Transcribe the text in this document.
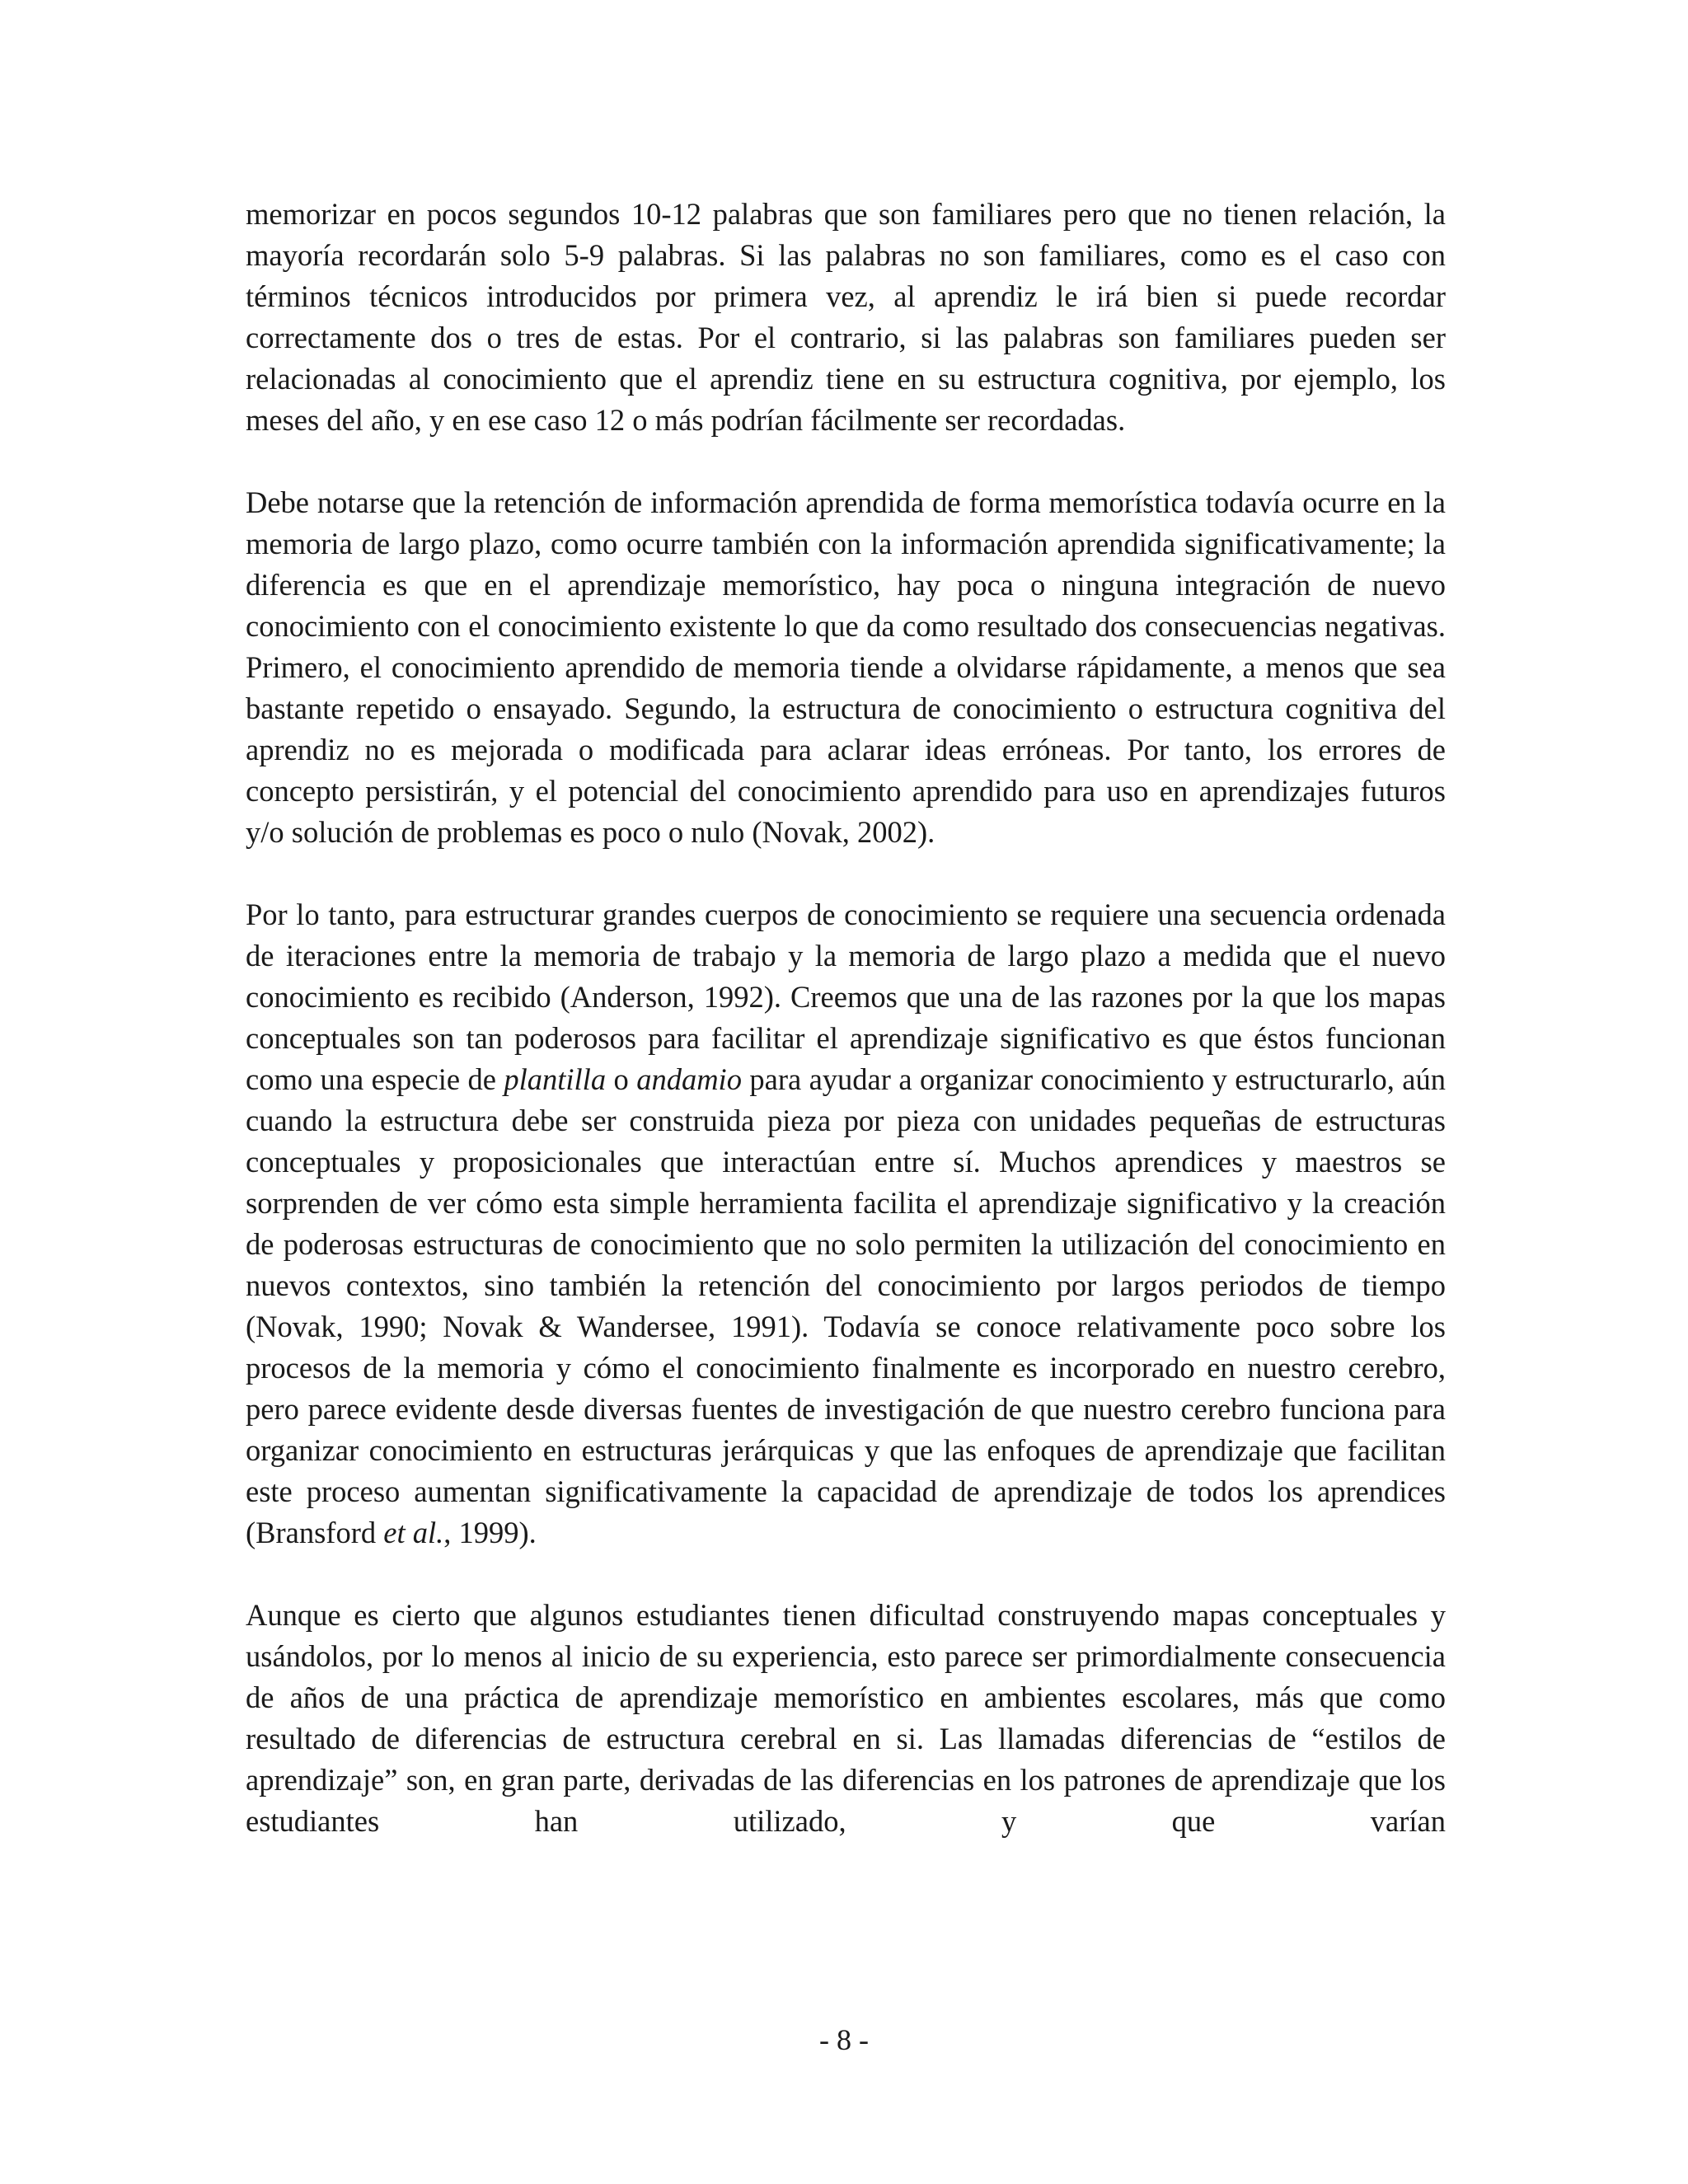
memorizar en pocos segundos 10-12 palabras que son familiares pero que no tienen relación, la mayoría recordarán solo 5-9 palabras. Si las palabras no son familiares, como es el caso con términos técnicos introducidos por primera vez, al aprendiz le irá bien si puede recordar correctamente dos o tres de estas. Por el contrario, si las palabras son familiares pueden ser relacionadas al conocimiento que el aprendiz tiene en su estructura cognitiva, por ejemplo, los meses del año, y en ese caso 12 o más podrían fácilmente ser recordadas.

Debe notarse que la retención de información aprendida de forma memorística todavía ocurre en la memoria de largo plazo, como ocurre también con la información aprendida significativamente; la diferencia es que en el aprendizaje memorístico, hay poca o ninguna integración de nuevo conocimiento con el conocimiento existente lo que da como resultado dos consecuencias negativas. Primero, el conocimiento aprendido de memoria tiende a olvidarse rápidamente, a menos que sea bastante repetido o ensayado. Segundo, la estructura de conocimiento o estructura cognitiva del aprendiz no es mejorada o modificada para aclarar ideas erróneas. Por tanto, los errores de concepto persistirán, y el potencial del conocimiento aprendido para uso en aprendizajes futuros y/o solución de problemas es poco o nulo (Novak, 2002).

Por lo tanto, para estructurar grandes cuerpos de conocimiento se requiere una secuencia ordenada de iteraciones entre la memoria de trabajo y la memoria de largo plazo a medida que el nuevo conocimiento es recibido (Anderson, 1992). Creemos que una de las razones por la que los mapas conceptuales son tan poderosos para facilitar el aprendizaje significativo es que éstos funcionan como una especie de plantilla o andamio para ayudar a organizar conocimiento y estructurarlo, aún cuando la estructura debe ser construida pieza por pieza con unidades pequeñas de estructuras conceptuales y proposicionales que interactúan entre sí. Muchos aprendices y maestros se sorprenden de ver cómo esta simple herramienta facilita el aprendizaje significativo y la creación de poderosas estructuras de conocimiento que no solo permiten la utilización del conocimiento en nuevos contextos, sino también la retención del conocimiento por largos periodos de tiempo (Novak, 1990; Novak & Wandersee, 1991). Todavía se conoce relativamente poco sobre los procesos de la memoria y cómo el conocimiento finalmente es incorporado en nuestro cerebro, pero parece evidente desde diversas fuentes de investigación de que nuestro cerebro funciona para organizar conocimiento en estructuras jerárquicas y que las enfoques de aprendizaje que facilitan este proceso aumentan significativamente la capacidad de aprendizaje de todos los aprendices (Bransford et al., 1999).

Aunque es cierto que algunos estudiantes tienen dificultad construyendo mapas conceptuales y usándolos, por lo menos al inicio de su experiencia, esto parece ser primordialmente consecuencia de años de una práctica de aprendizaje memorístico en ambientes escolares, más que como resultado de diferencias de estructura cerebral en si. Las llamadas diferencias de “estilos de aprendizaje” son, en gran parte, derivadas de las diferencias en los patrones de aprendizaje que los estudiantes han utilizado, y que varían

- 8 -
